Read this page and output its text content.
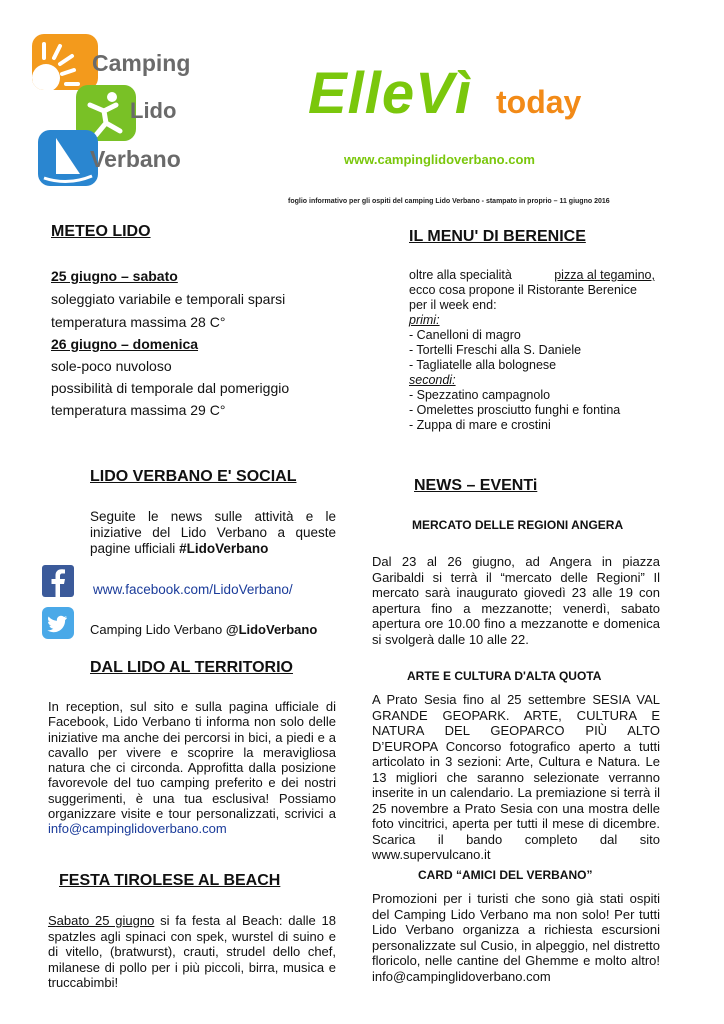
Camping
Lido
Verbano
ElleVì today
www.campinglidoverbano.com
foglio informativo per gli ospiti del camping Lido Verbano - stampato in proprio – 11 giugno 2016
METEO LIDO
25 giugno – sabato
soleggiato variabile e temporali sparsi
temperatura massima 28 C°
26 giugno – domenica
sole-poco nuvoloso
possibilità di temporale dal pomeriggio
temperatura massima 29 C°
IL MENU' DI BERENICE
oltre alla specialità	pizza al tegamino,
ecco cosa propone il Ristorante Berenice
per il week end:
primi:
- Canelloni di magro
- Tortelli Freschi alla S. Daniele
- Tagliatelle alla bolognese
secondi:
- Spezzatino campagnolo
- Omelettes prosciutto funghi e fontina
- Zuppa di mare e crostini
LIDO VERBANO E' SOCIAL
Seguite le news sulle attività e le iniziative del Lido Verbano a queste pagine ufficiali #LidoVerbano
www.facebook.com/LidoVerbano/
Camping Lido Verbano @LidoVerbano
DAL LIDO AL TERRITORIO
In reception, sul sito e sulla pagina ufficiale di Facebook, Lido Verbano ti informa non solo delle iniziative ma anche dei percorsi in bici, a piedi e a cavallo per vivere e scoprire la meravigliosa natura che ci circonda. Approfitta dalla posizione favorevole del tuo camping preferito e dei nostri suggerimenti, è una tua esclusiva! Possiamo organizzare visite e tour personalizzati, scrivici a info@campinglidoverbano.com
FESTA TIROLESE AL BEACH
Sabato 25 giugno si fa festa al Beach: dalle 18 spatzles agli spinaci con spek, wurstel di suino e di vitello, (bratwurst), crauti, strudel dello chef, milanese di pollo per i più piccoli, birra, musica e truccabimbi!
NEWS – EVENTi
MERCATO DELLE REGIONI ANGERA
Dal 23 al 26 giugno, ad Angera in piazza Garibaldi si terrà il “mercato delle Regioni” Il mercato sarà inaugurato giovedì 23 alle 19 con apertura fino a mezzanotte; venerdì, sabato apertura ore 10.00 fino a mezzanotte e domenica si svolgerà dalle 10 alle 22.
ARTE E CULTURA D'ALTA QUOTA
A Prato Sesia fino al 25 settembre SESIA VAL GRANDE GEOPARK. ARTE, CULTURA E NATURA DEL GEOPARCO PIÙ ALTO D’EUROPA Concorso fotografico aperto a tutti articolato in 3 sezioni: Arte, Cultura e Natura. Le 13 migliori che saranno selezionate verranno inserite in un calendario. La premiazione si terrà il 25 novembre a Prato Sesia con una mostra delle foto vincitrici, aperta per tutti il mese di dicembre. Scarica il bando completo dal sito www.supervulcano.it
CARD “AMICI DEL VERBANO”
Promozioni per i turisti che sono già stati ospiti del Camping Lido Verbano ma non solo! Per tutti Lido Verbano organizza a richiesta escursioni personalizzate sul Cusio, in alpeggio, nel distretto floricolo, nelle cantine del Ghemme e molto altro! info@campinglidoverbano.com
